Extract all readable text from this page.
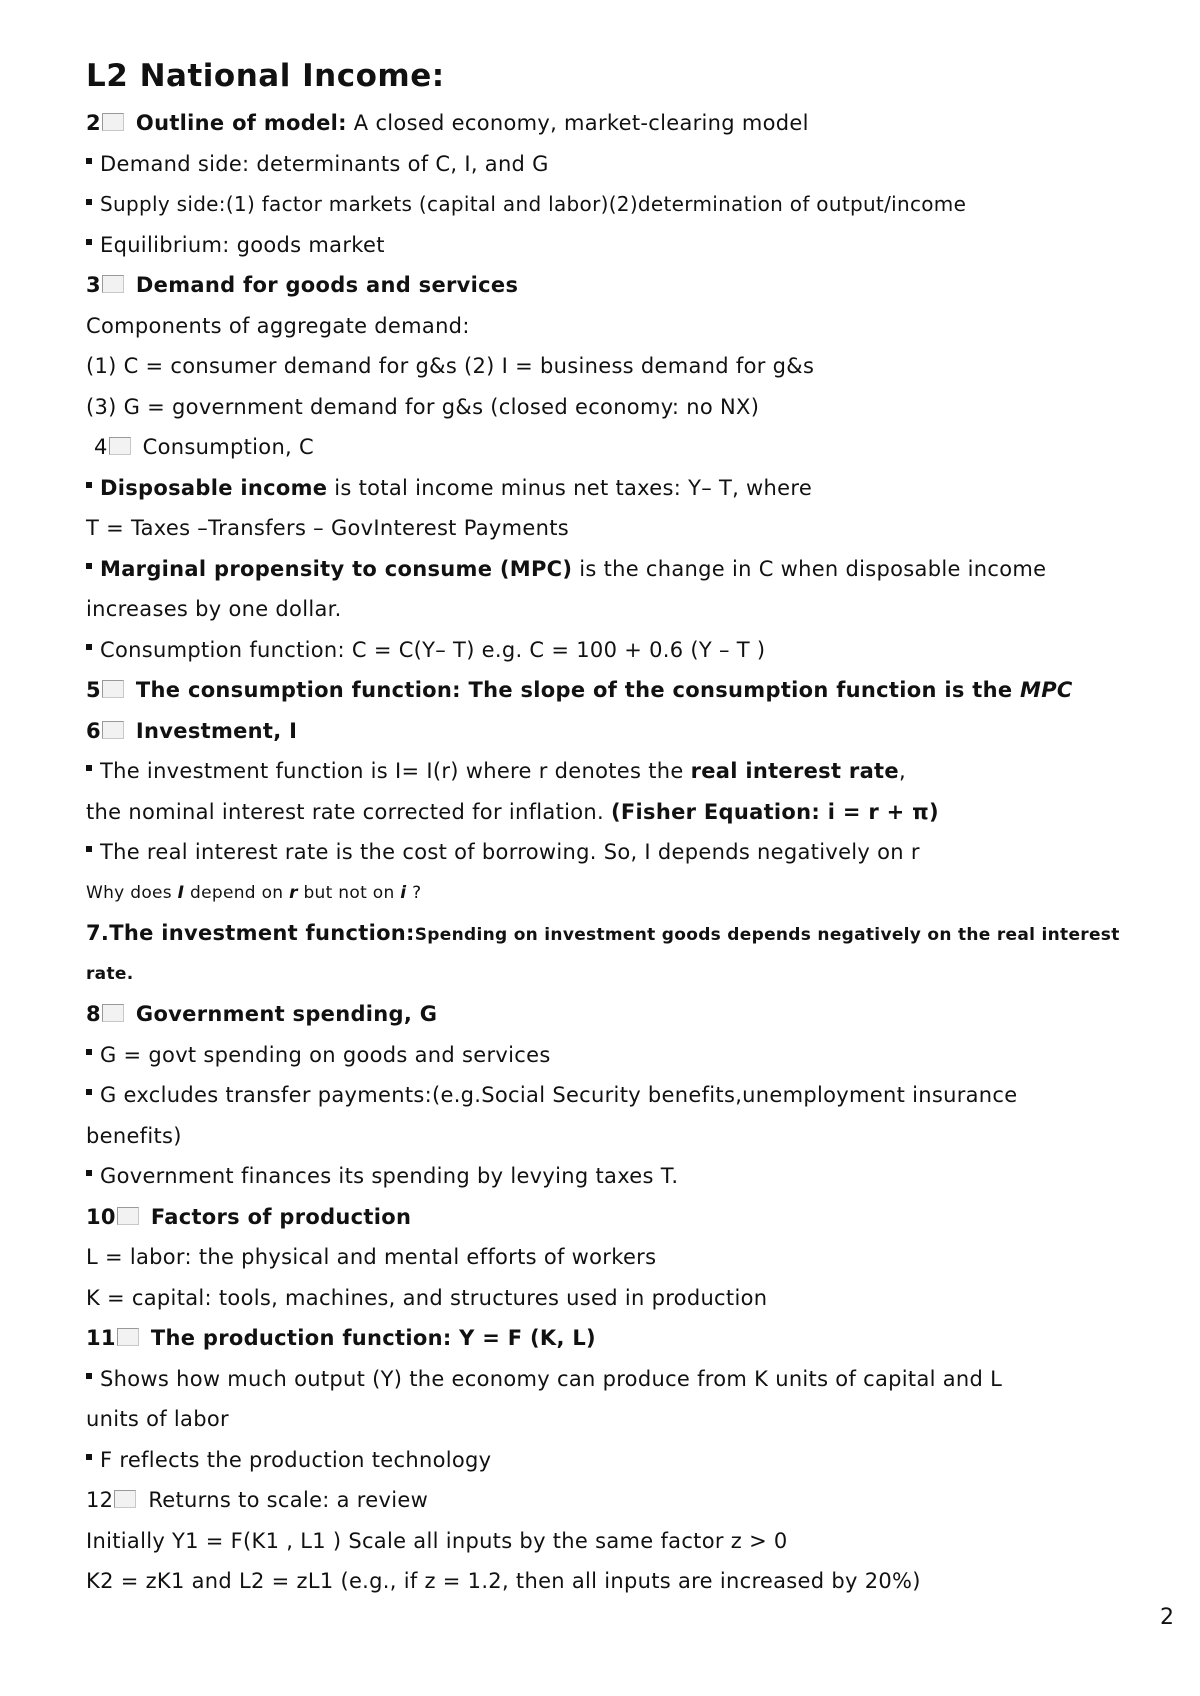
L2 National Income:
2 Outline of model: A closed economy, market-clearing model
Demand side: determinants of C, I, and G
Supply side:(1) factor markets (capital and labor)(2)determination of output/income
Equilibrium: goods market
3 Demand for goods and services
Components of aggregate demand:
(1) C = consumer demand for g&s (2) I = business demand for g&s
(3) G = government demand for g&s (closed economy: no NX)
4 Consumption, C
Disposable income is total income minus net taxes: Y– T, where
T = Taxes –Transfers – GovInterest Payments
Marginal propensity to consume (MPC) is the change in C when disposable income
increases by one dollar.
Consumption function: C = C(Y– T) e.g. C = 100 + 0.6 (Y – T )
5 The consumption function: The slope of the consumption function is the MPC
6 Investment, I
The investment function is I= I(r) where r denotes the real interest rate,
the nominal interest rate corrected for inflation. (Fisher Equation: i = r + π)
The real interest rate is the cost of borrowing. So, I depends negatively on r
Why does I depend on r but not on i ?
7.The investment function:Spending on investment goods depends negatively on the real interest
rate.
8 Government spending, G
G = govt spending on goods and services
G excludes transfer payments:(e.g.Social Security benefits,unemployment insurance
benefits)
Government finances its spending by levying taxes T.
10 Factors of production
L = labor: the physical and mental efforts of workers
K = capital: tools, machines, and structures used in production
11 The production function: Y = F (K, L)
Shows how much output (Y) the economy can produce from K units of capital and L
units of labor
F reflects the production technology
12 Returns to scale: a review
Initially Y1 = F(K1 , L1 ) Scale all inputs by the same factor z > 0
K2 = zK1 and L2 = zL1 (e.g., if z = 1.2, then all inputs are increased by 20%)
2
